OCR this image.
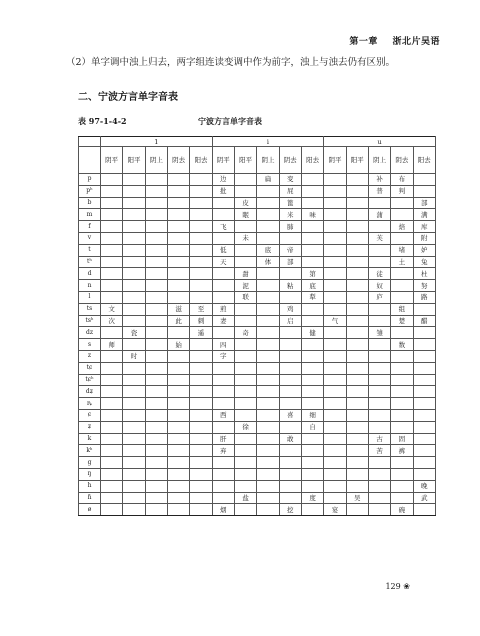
第一章 浙北片吴语
（2）单字调中浊上归去，两字组连读变调中作为前字，浊上与浊去仍有区别。
二、宁波方言单字音表
表 97-1-4-2	宁波方言单字音表
	1					i					u				
	阴平	阳平	阴上	阴去	阳去	阴平	阳平	阴上	阴去	阳去	阴平	阳平	阴上	阴去	阳去
p						边		扁	变				补	布	
pʰ						批			屁				普	判	
b							皮		篦						部
m							眠		米	味			蒲		满
f						飞			肺					焙	库
v							未						芙		附
t						低		底	帝					堵	妒
tʰ						天		体	部					土	兔
d							甜			第			徒		杜
n							泥		粘	底			奴		努
l							联			犁			庐		路
ts	文			滋	至	煎			鸡					组	
tsʰ	次			此	刺	妻			启		气			楚	醋
dz		瓷			遥		奇			健			雏		
s	师			始		四								数	
z		时				字									
tɕ															
tɕʰ															
dʑ															
ȵ															
ɕ						西			喜	细					
ʑ							徐			自					
k						肝			敢				古	固	
kʰ						弃							苦	裤	
g															
ŋ															
h															晚
ɦ							盐			度		吴			武
ø						烟			挖		宴			碗	
129 ❀
